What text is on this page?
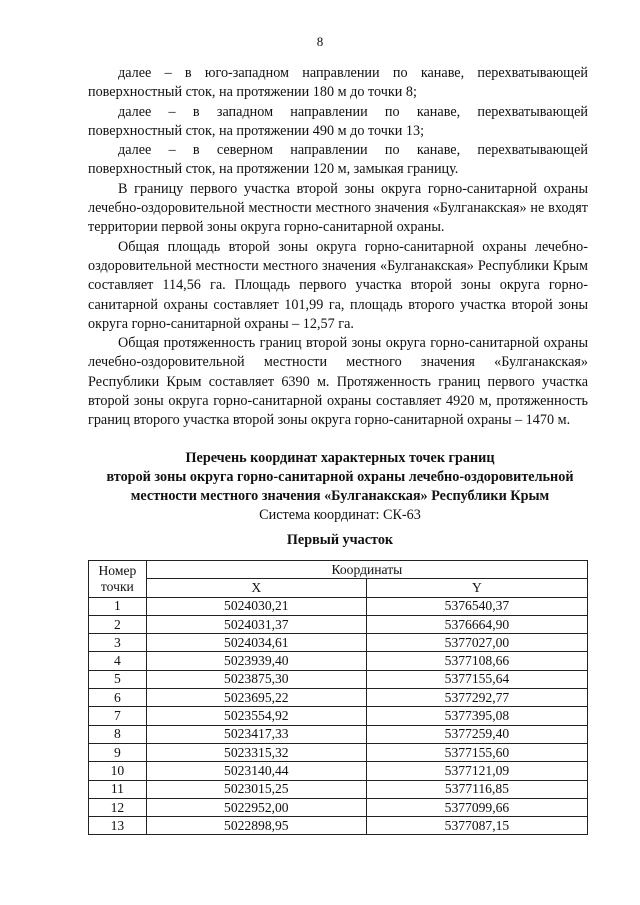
8

далее – в юго-западном направлении по канаве, перехватывающей поверхностный сток, на протяжении 180 м до точки 8;

далее – в западном направлении по канаве, перехватывающей поверхностный сток, на протяжении 490 м до точки 13;

далее – в северном направлении по канаве, перехватывающей поверхностный сток, на протяжении 120 м, замыкая границу.

В границу первого участка второй зоны округа горно-санитарной охраны лечебно-оздоровительной местности местного значения «Булганакская» не входят территории первой зоны округа горно-санитарной охраны.

Общая площадь второй зоны округа горно-санитарной охраны лечебно-оздоровительной местности местного значения «Булганакская» Республики Крым составляет 114,56 га. Площадь первого участка второй зоны округа горно-санитарной охраны составляет 101,99 га, площадь второго участка второй зоны округа горно-санитарной охраны – 12,57 га.

Общая протяженность границ второй зоны округа горно-санитарной охраны лечебно-оздоровительной местности местного значения «Булганакская» Республики Крым составляет 6390 м. Протяженность границ первого участка второй зоны округа горно-санитарной охраны составляет 4920 м, протяженность границ второго участка второй зоны округа горно-санитарной охраны – 1470 м.

Перечень координат характерных точек границ
второй зоны округа горно-санитарной охраны лечебно-оздоровительной
местности местного значения «Булганакская» Республики Крым
Система координат: СК-63
Первый участок
Номер
точки	Координаты	
	X	Y
1	5024030,21	5376540,37
2	5024031,37	5376664,90
3	5024034,61	5377027,00
4	5023939,40	5377108,66
5	5023875,30	5377155,64
6	5023695,22	5377292,77
7	5023554,92	5377395,08
8	5023417,33	5377259,40
9	5023315,32	5377155,60
10	5023140,44	5377121,09
11	5023015,25	5377116,85
12	5022952,00	5377099,66
13	5022898,95	5377087,15
